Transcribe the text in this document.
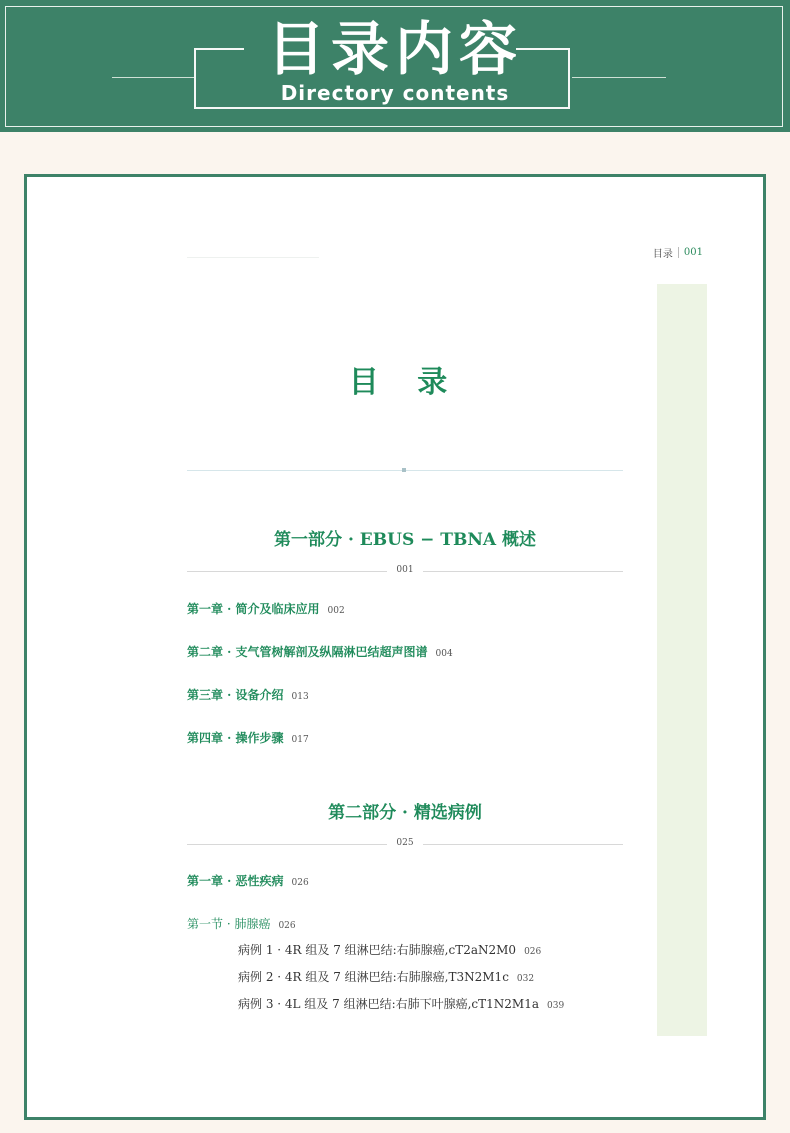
目录内容
Directory contents
目录 001
目 录
第一部分 · EBUS − TBNA 概述
001
第一章 · 简介及临床应用 002
第二章 · 支气管树解剖及纵隔淋巴结超声图谱 004
第三章 · 设备介绍 013
第四章 · 操作步骤 017
第二部分 · 精选病例
025
第一章 · 恶性疾病 026
第一节 · 肺腺癌 026
病例 1 · 4R 组及 7 组淋巴结:右肺腺癌,cT2aN2M0 026
病例 2 · 4R 组及 7 组淋巴结:右肺腺癌,T3N2M1c 032
病例 3 · 4L 组及 7 组淋巴结:右肺下叶腺癌,cT1N2M1a 039
